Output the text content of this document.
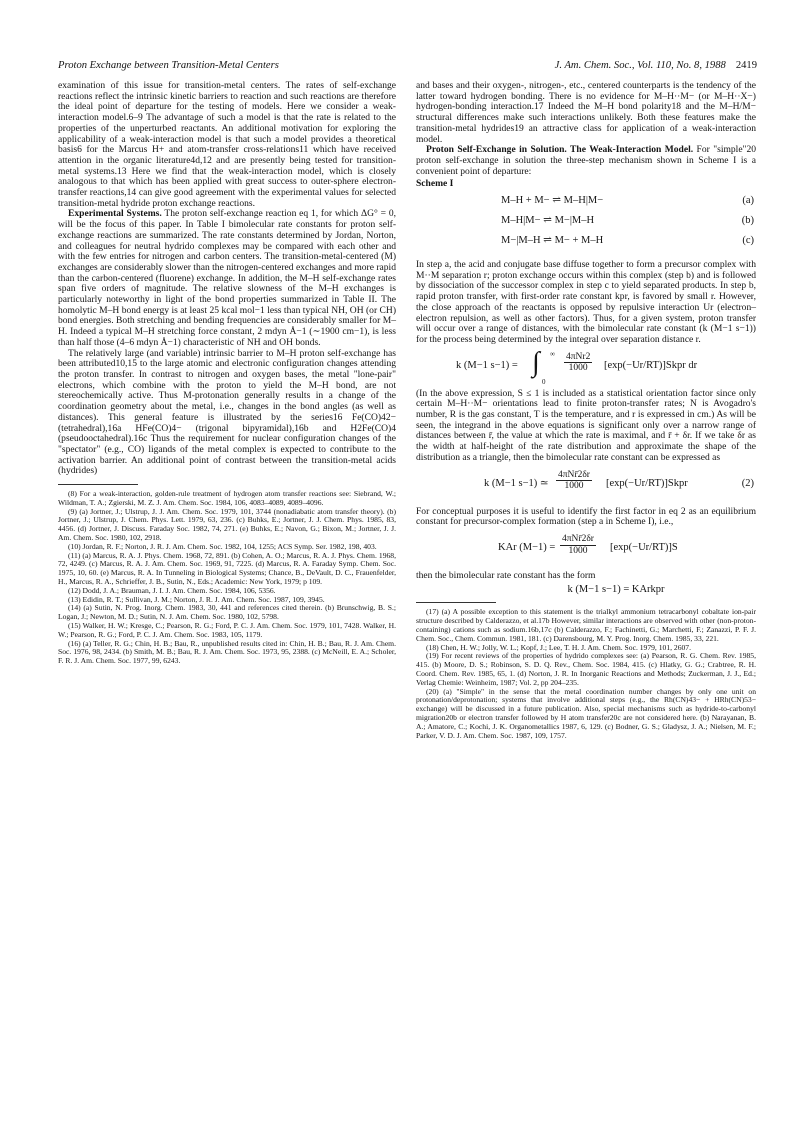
Proton Exchange between Transition-Metal Centers	J. Am. Chem. Soc., Vol. 110, No. 8, 1988 2419

examination of this issue for transition-metal centers. The rates of self-exchange reactions reflect the intrinsic kinetic barriers to reaction and such reactions are therefore the ideal point of departure for the testing of models. Here we consider a weak-interaction model.6–9 The advantage of such a model is that the rate is related to the properties of the unperturbed reactants. An additional motivation for exploring the applicability of a weak-interaction model is that such a model provides a theoretical basis6 for the Marcus H+ and atom-transfer cross-relations11 which have received attention in the organic literature4d,12 and are presently being tested for transition-metal systems.13 Here we find that the weak-interaction model, which is closely analogous to that which has been applied with great success to outer-sphere electron-transfer reactions,14 can give good agreement with the experimental values for selected transition-metal hydride proton exchange reactions.

Experimental Systems. The proton self-exchange reaction eq 1, for which ΔG° = 0, will be the focus of this paper. In Table I bimolecular rate constants for proton self-exchange reactions are summarized. The rate constants determined by Jordan, Norton, and colleagues for neutral hydrido complexes may be compared with each other and with the few entries for nitrogen and carbon centers. The transition-metal-centered (M) exchanges are considerably slower than the nitrogen-centered exchanges and more rapid than the carbon-centered (fluorene) exchange. In addition, the M–H self-exchange rates span five orders of magnitude. The relative slowness of the M–H exchanges is particularly noteworthy in light of the bond properties summarized in Table II. The homolytic M–H bond energy is at least 25 kcal mol−1 less than typical NH, OH (or CH) bond energies. Both stretching and bending frequencies are considerably smaller for M–H. Indeed a typical M–H stretching force constant, 2 mdyn Å−1 (∼1900 cm−1), is less than half those (4–6 mdyn Å−1) characteristic of NH and OH bonds.

The relatively large (and variable) intrinsic barrier to M–H proton self-exchange has been attributed10,15 to the large atomic and electronic configuration changes attending the proton transfer. In contrast to nitrogen and oxygen bases, the metal "lone-pair" electrons, which combine with the proton to yield the M–H bond, are not stereochemically active. Thus M-protonation generally results in a change of the coordination geometry about the metal, i.e., changes in the bond angles (as well as distances). This general feature is illustrated by the series16 Fe(CO)42− (tetrahedral),16a HFe(CO)4− (trigonal bipyramidal),16b and H2Fe(CO)4 (pseudooctahedral).16c Thus the requirement for nuclear configuration changes of the "spectator" (e.g., CO) ligands of the metal complex is expected to contribute to the activation barrier. An additional point of contrast between the transition-metal acids (hydrides)

(8) For a weak-interaction, golden-rule treatment of hydrogen atom transfer reactions see: Siebrand, W.; Wildman, T. A.; Zgierski, M. Z. J. Am. Chem. Soc. 1984, 106, 4083–4089, 4089–4096.

(9) (a) Jortner, J.; Ulstrup, J. J. Am. Chem. Soc. 1979, 101, 3744 (nonadiabatic atom transfer theory). (b) Jortner, J.; Ulstrup, J. Chem. Phys. Lett. 1979, 63, 236. (c) Buhks, E.; Jortner, J. J. Chem. Phys. 1985, 83, 4456. (d) Jortner, J. Discuss. Faraday Soc. 1982, 74, 271. (e) Buhks, E.; Navon, G.; Bixon, M.; Jortner, J. J. Am. Chem. Soc. 1980, 102, 2918.

(10) Jordan, R. F.; Norton, J. R. J. Am. Chem. Soc. 1982, 104, 1255; ACS Symp. Ser. 1982, 198, 403.

(11) (a) Marcus, R. A. J. Phys. Chem. 1968, 72, 891. (b) Cohen, A. O.; Marcus, R. A. J. Phys. Chem. 1968, 72, 4249. (c) Marcus, R. A. J. Am. Chem. Soc. 1969, 91, 7225. (d) Marcus, R. A. Faraday Symp. Chem. Soc. 1975, 10, 60. (e) Marcus, R. A. In Tunneling in Biological Systems; Chance, B., DeVault, D. C., Frauenfelder, H., Marcus, R. A., Schrieffer, J. B., Sutin, N., Eds.; Academic: New York, 1979; p 109.

(12) Dodd, J. A.; Brauman, J. I. J. Am. Chem. Soc. 1984, 106, 5356.

(13) Edidin, R. T.; Sullivan, J. M.; Norton, J. R. J. Am. Chem. Soc. 1987, 109, 3945.

(14) (a) Sutin, N. Prog. Inorg. Chem. 1983, 30, 441 and references cited therein. (b) Brunschwig, B. S.; Logan, J.; Newton, M. D.; Sutin, N. J. Am. Chem. Soc. 1980, 102, 5798.

(15) Walker, H. W.; Kresge, C.; Pearson, R. G.; Ford, P. C. J. Am. Chem. Soc. 1979, 101, 7428. Walker, H. W.; Pearson, R. G.; Ford, P. C. J. Am. Chem. Soc. 1983, 105, 1179.

(16) (a) Teller, R. G.; Chin, H. B.; Bau, R., unpublished results cited in: Chin, H. B.; Bau, R. J. Am. Chem. Soc. 1976, 98, 2434. (b) Smith, M. B.; Bau, R. J. Am. Chem. Soc. 1973, 95, 2388. (c) McNeill, E. A.; Scholer, F. R. J. Am. Chem. Soc. 1977, 99, 6243.

and bases and their oxygen-, nitrogen-, etc., centered counterparts is the tendency of the latter toward hydrogen bonding. There is no evidence for M–H··M− (or M–H··X−) hydrogen-bonding interaction.17 Indeed the M–H bond polarity18 and the M–H/M− structural differences make such interactions unlikely. Both these features make the transition-metal hydrides19 an attractive class for application of a weak-interaction model.

Proton Self-Exchange in Solution. The Weak-Interaction Model. For "simple"20 proton self-exchange in solution the three-step mechanism shown in Scheme I is a convenient point of departure:

Scheme I
M–H + M− ⇌ M–H|M−	(a)
M–H|M− ⇌ M−|M–H	(b)
M−|M–H ⇌ M− + M–H	(c)

In step a, the acid and conjugate base diffuse together to form a precursor complex with M··M separation r; proton exchange occurs within this complex (step b) and is followed by dissociation of the successor complex in step c to yield separated products. In step b, rapid proton transfer, with first-order rate constant kpr, is favored by small r. However, the close approach of the reactants is opposed by repulsive interaction Ur (electron–electron repulsion, as well as other factors). Thus, for a given system, proton transfer will occur over a range of distances, with the bimolecular rate constant (k (M−1 s−1)) for the process being determined by the integral over separation distance r.

k (M−1 s−1) = ∫ ∞
0
4πNr2
1000	[exp(−Ur/RT)]Skpr dr

(In the above expression, S ≤ 1 is included as a statistical orientation factor since only certain M–H··M− orientations lead to finite proton-transfer rates; N is Avogadro's number, R is the gas constant, T is the temperature, and r is expressed in cm.) As will be seen, the integrand in the above equations is significant only over a narrow range of distances between r̄, the value at which the rate is maximal, and r̄ + δr. If we take δr as the width at half-height of the rate distribution and approximate the shape of the distribution as a triangle, then the bimolecular rate constant can be expressed as

k (M−1 s−1) ≃
4πNr̄2δr
1000	[exp(−Ur/RT)]Skpr	(2)

For conceptual purposes it is useful to identify the first factor in eq 2 as an equilibrium constant for precursor-complex formation (step a in Scheme I), i.e.,

KAr (M−1) =
4πNr̄2δr
1000	[exp(−Ur/RT)]S

then the bimolecular rate constant has the form

k (M−1 s−1) = KArkpr

(17) (a) A possible exception to this statement is the trialkyl ammonium tetracarbonyl cobaltate ion-pair structure described by Calderazzo, et al.17b However, similar interactions are observed with other (non-proton-containing) cations such as sodium.16b,17c (b) Calderazzo, F.; Fachinetti, G.; Marchetti, F.; Zanazzi, P. F. J. Chem. Soc., Chem. Commun. 1981, 181. (c) Darensbourg, M. Y. Prog. Inorg. Chem. 1985, 33, 221.

(18) Chen, H. W.; Jolly, W. L.; Kopf, J.; Lee, T. H. J. Am. Chem. Soc. 1979, 101, 2607.

(19) For recent reviews of the properties of hydrido complexes see: (a) Pearson, R. G. Chem. Rev. 1985, 415. (b) Moore, D. S.; Robinson, S. D. Q. Rev., Chem. Soc. 1984, 415. (c) Hlatky, G. G.; Crabtree, R. H. Coord. Chem. Rev. 1985, 65, 1. (d) Norton, J. R. In Inorganic Reactions and Methods; Zuckerman, J. J., Ed.; Verlag Chemie: Weinheim, 1987; Vol. 2, pp 204–235.

(20) (a) "Simple" in the sense that the metal coordination number changes by only one unit on protonation/deprotonation; systems that involve additional steps (e.g., the Rh(CN)43− + HRh(CN)53− exchange) will be discussed in a future publication. Also, special mechanisms such as hydride-to-carbonyl migration20b or electron transfer followed by H atom transfer20c are not considered here. (b) Narayanan, B. A.; Amatore, C.; Kochi, J. K. Organometallics 1987, 6, 129. (c) Bodner, G. S.; Gladysz, J. A.; Nielsen, M. F.; Parker, V. D. J. Am. Chem. Soc. 1987, 109, 1757.
